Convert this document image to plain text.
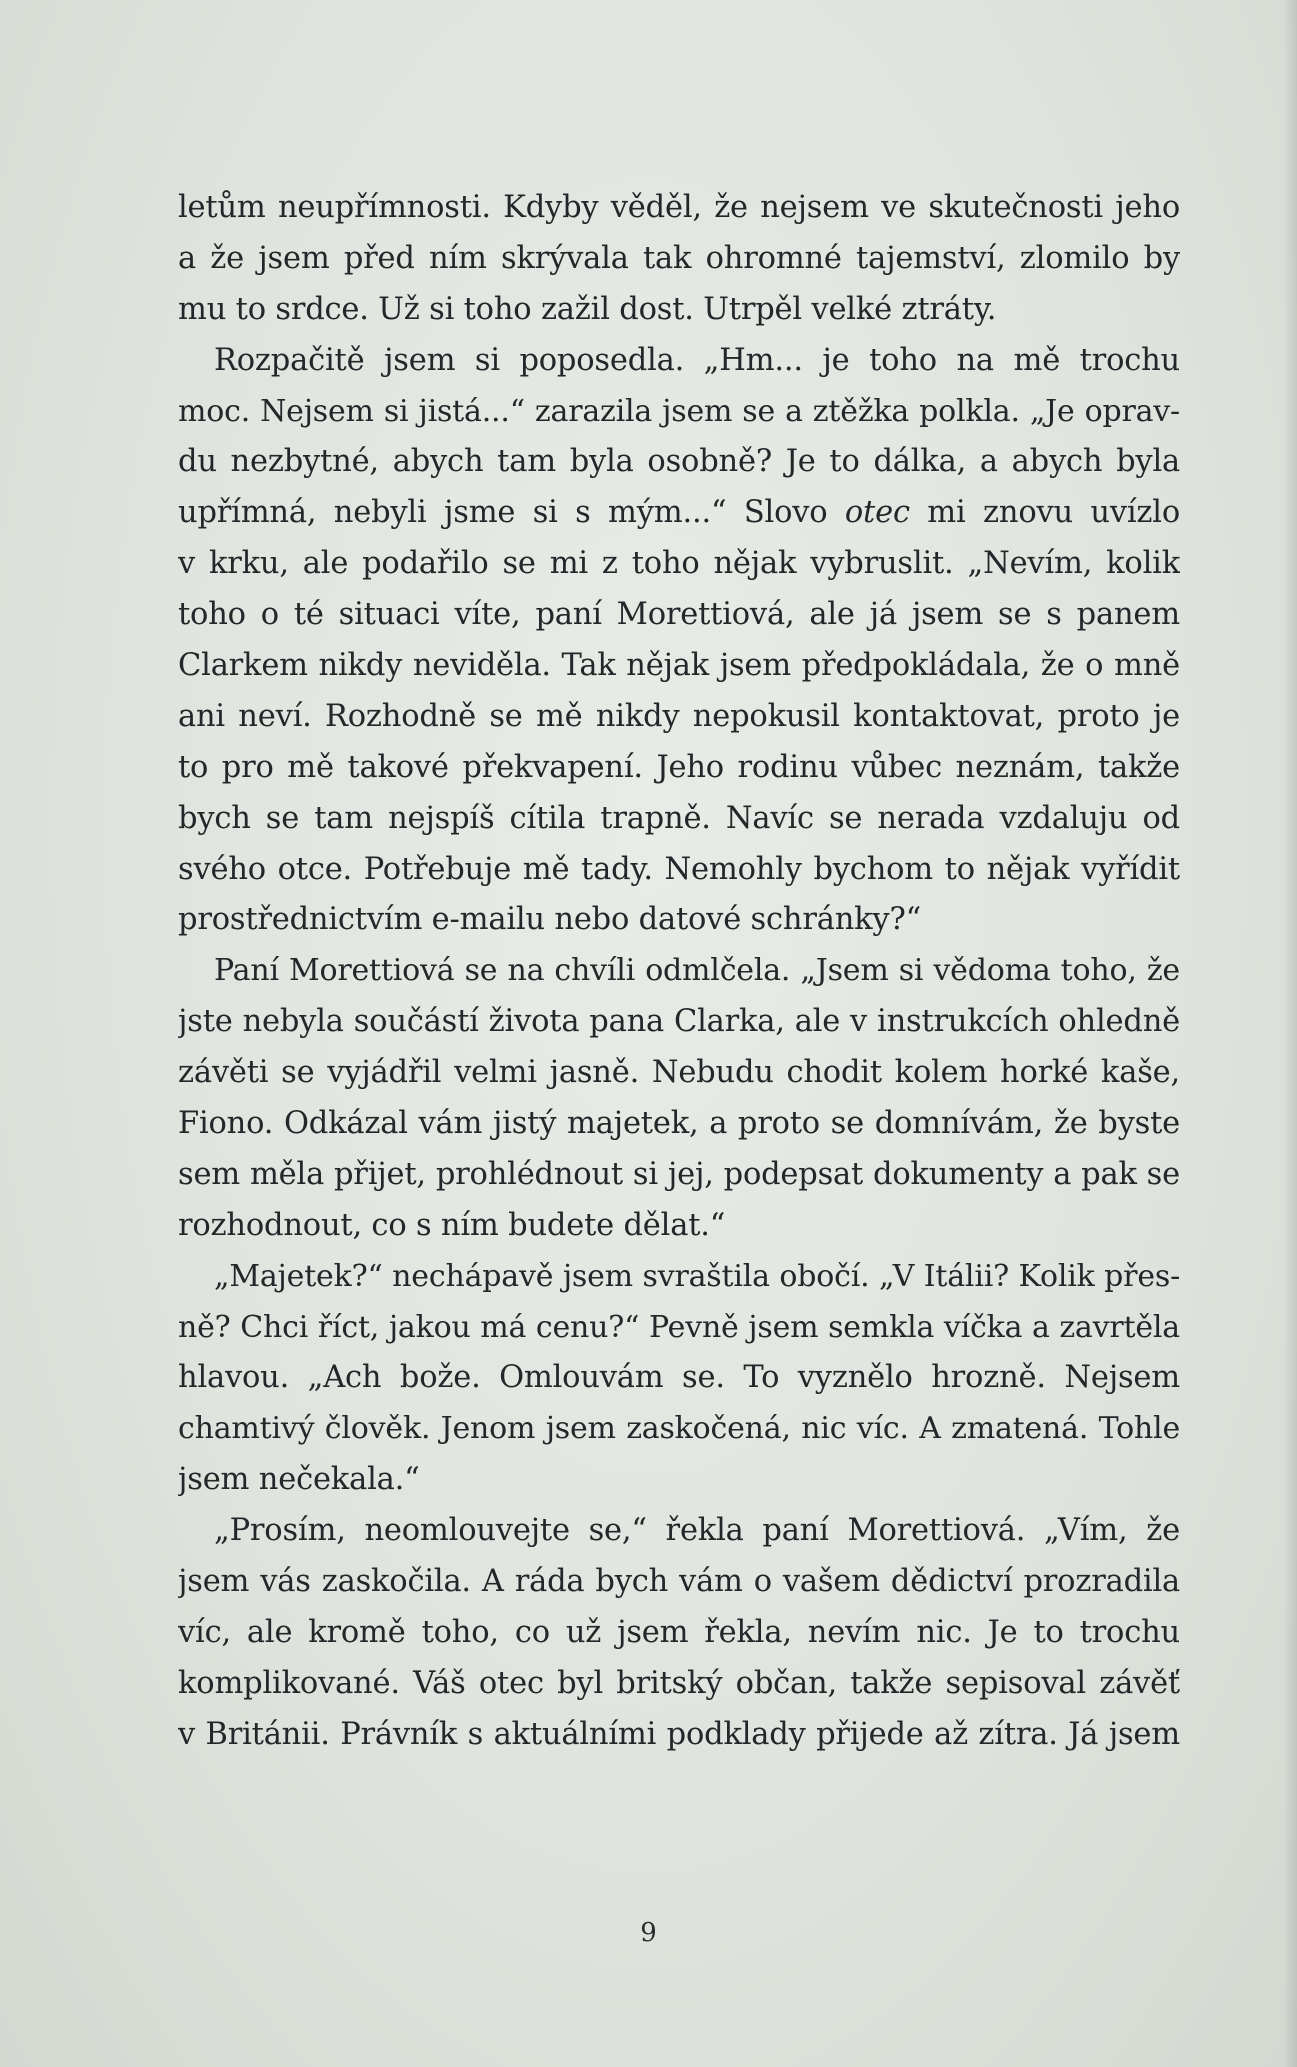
letům neupřímnosti. Kdyby věděl, že nejsem ve skutečnosti jeho
a že jsem před ním skrývala tak ohromné tajemství, zlomilo by
mu to srdce. Už si toho zažil dost. Utrpěl velké ztráty.
Rozpačitě jsem si poposedla. „Hm... je toho na mě trochu
moc. Nejsem si jistá...“ zarazila jsem se a ztěžka polkla. „Je oprav-
du nezbytné, abych tam byla osobně? Je to dálka, a abych byla
upřímná, nebyli jsme si s mým...“ Slovo otec mi znovu uvízlo
v krku, ale podařilo se mi z toho nějak vybruslit. „Nevím, kolik
toho o té situaci víte, paní Morettiová, ale já jsem se s panem
Clarkem nikdy neviděla. Tak nějak jsem předpokládala, že o mně
ani neví. Rozhodně se mě nikdy nepokusil kontaktovat, proto je
to pro mě takové překvapení. Jeho rodinu vůbec neznám, takže
bych se tam nejspíš cítila trapně. Navíc se nerada vzdaluju od
svého otce. Potřebuje mě tady. Nemohly bychom to nějak vyřídit
prostřednictvím e-mailu nebo datové schránky?“
Paní Morettiová se na chvíli odmlčela. „Jsem si vědoma toho, že
jste nebyla součástí života pana Clarka, ale v instrukcích ohledně
závěti se vyjádřil velmi jasně. Nebudu chodit kolem horké kaše,
Fiono. Odkázal vám jistý majetek, a proto se domnívám, že byste
sem měla přijet, prohlédnout si jej, podepsat dokumenty a pak se
rozhodnout, co s ním budete dělat.“
„Majetek?“ nechápavě jsem svraštila obočí. „V Itálii? Kolik přes-
ně? Chci říct, jakou má cenu?“ Pevně jsem semkla víčka a zavrtěla
hlavou. „Ach bože. Omlouvám se. To vyznělo hrozně. Nejsem
chamtivý člověk. Jenom jsem zaskočená, nic víc. A zmatená. Tohle
jsem nečekala.“
„Prosím, neomlouvejte se,“ řekla paní Morettiová. „Vím, že
jsem vás zaskočila. A ráda bych vám o vašem dědictví prozradila
víc, ale kromě toho, co už jsem řekla, nevím nic. Je to trochu
komplikované. Váš otec byl britský občan, takže sepisoval závěť
v Británii. Právník s aktuálními podklady přijede až zítra. Já jsem
9
